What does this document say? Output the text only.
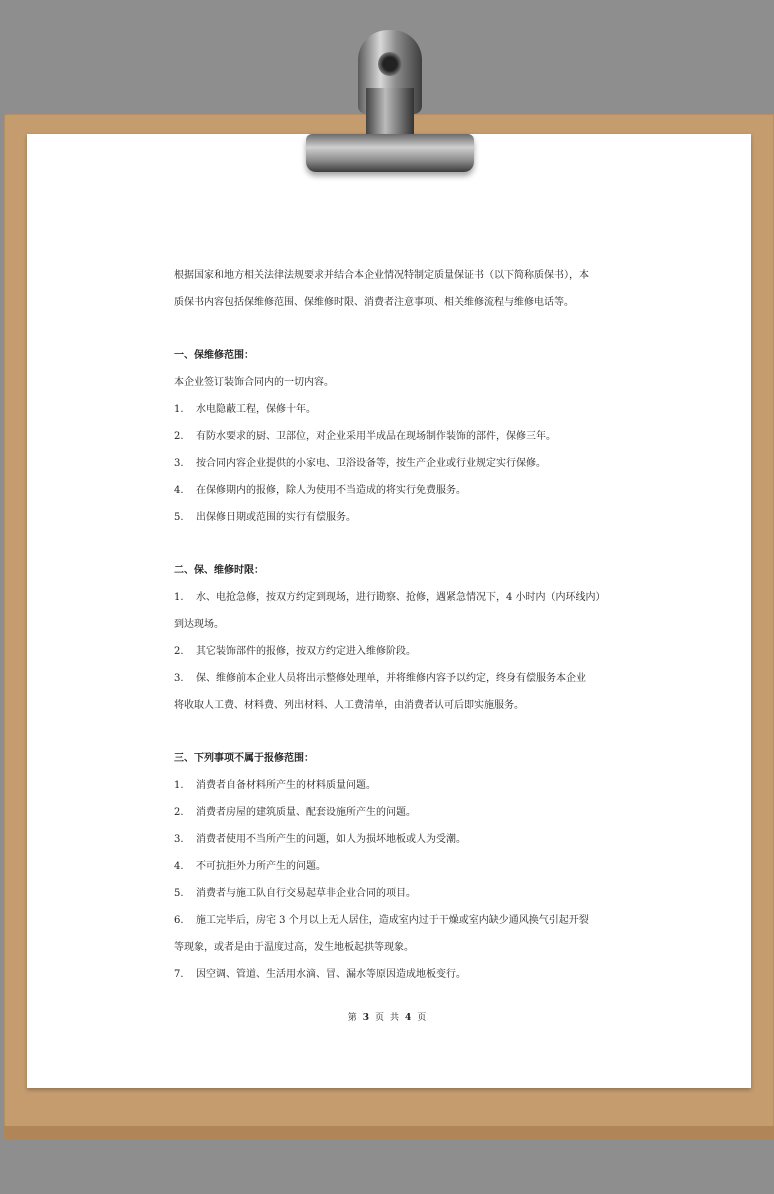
根据国家和地方相关法律法规要求并结合本企业情况特制定质量保证书（以下简称质保书），本

质保书内容包括保维修范围、保维修时限、消费者注意事项、相关维修流程与维修电话等。

一、保维修范围：
本企业签订装饰合同内的一切内容。
1.	水电隐蔽工程，保修十年。
2.	有防水要求的厨、卫部位，对企业采用半成品在现场制作装饰的部件，保修三年。
3.	按合同内容企业提供的小家电、卫浴设备等，按生产企业或行业规定实行保修。
4.	在保修期内的报修，除人为使用不当造成的将实行免费服务。
5.	出保修日期或范围的实行有偿服务。
二、保、维修时限：
1.	水、电抢急修，按双方约定到现场，进行勘察、抢修，遇紧急情况下，4 小时内（内环线内）
到达现场。
2.	其它装饰部件的报修，按双方约定进入维修阶段。
3.	保、维修前本企业人员将出示整修处理单，并将维修内容予以约定，终身有偿服务本企业
将收取人工费、材料费、列出材料、人工费清单，由消费者认可后即实施服务。
三、下列事项不属于报修范围：
1.	消费者自备材料所产生的材料质量问题。
2.	消费者房屋的建筑质量、配套设施所产生的问题。
3.	消费者使用不当所产生的问题，如人为损坏地板或人为受潮。
4.	不可抗拒外力所产生的问题。
5.	消费者与施工队自行交易起草非企业合同的项目。
6.	施工完毕后，房宅 3 个月以上无人居住，造成室内过于干燥或室内缺少通风换气引起开裂
等现象，或者是由于温度过高，发生地板起拱等现象。
7.	因空调、管道、生活用水滴、冒、漏水等原因造成地板变行。
第 3 页 共 4 页
